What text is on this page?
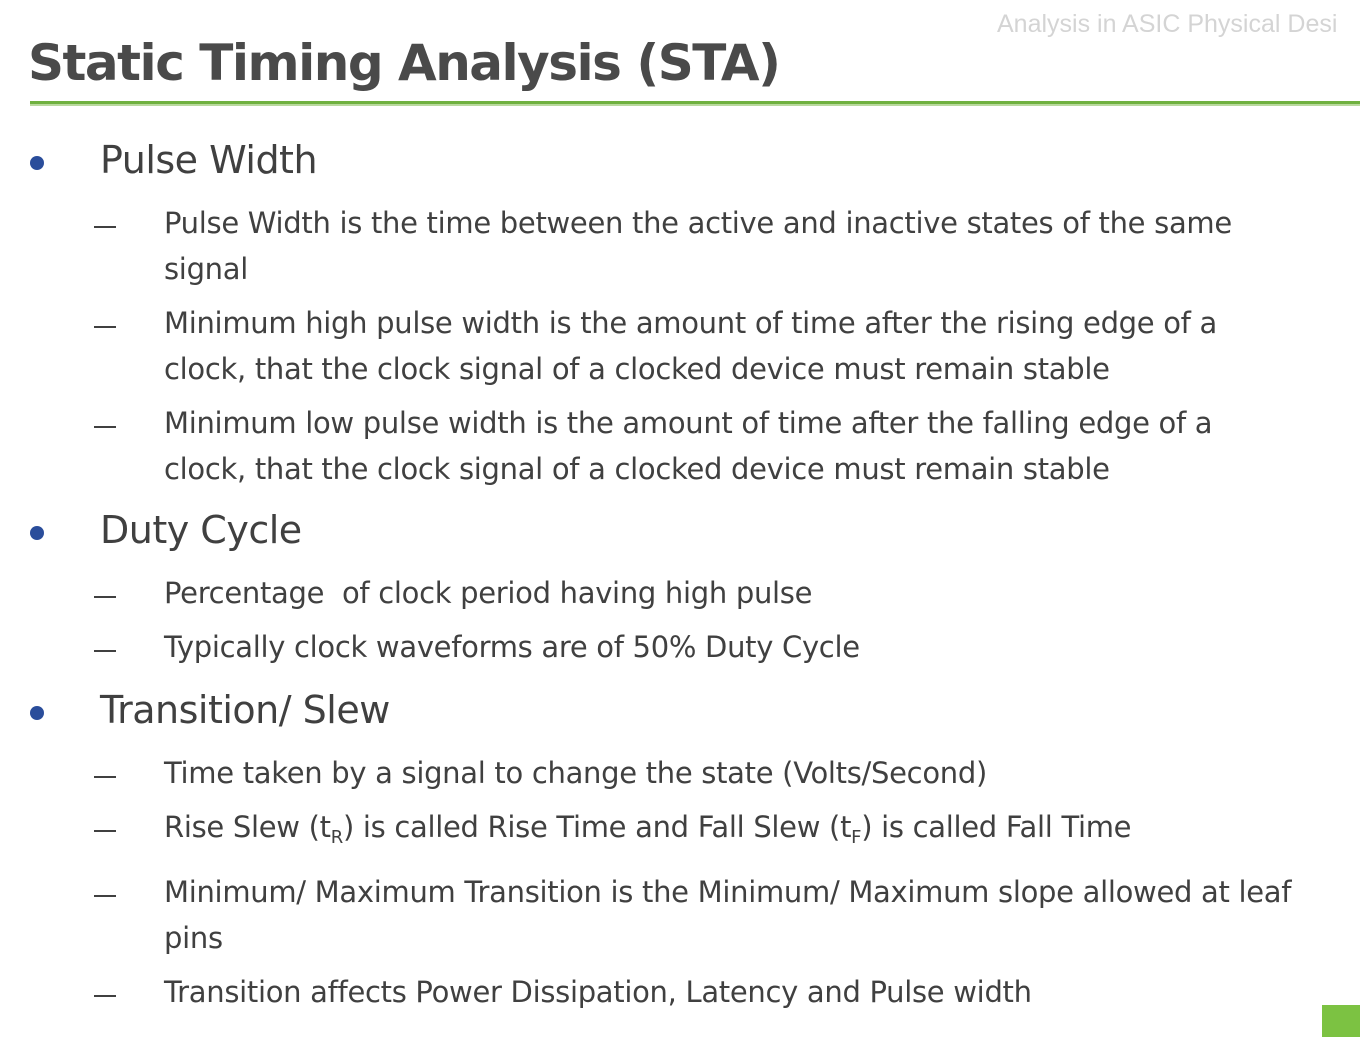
Analysis in ASIC Physical Desi
Static Timing Analysis (STA)
Pulse Width
Pulse Width is the time between the active and inactive states of the same signal
Minimum high pulse width is the amount of time after the rising edge of a clock, that the clock signal of a clocked device must remain stable
Minimum low pulse width is the amount of time after the falling edge of a clock, that the clock signal of a clocked device must remain stable
Duty Cycle
Percentage  of clock period having high pulse
Typically clock waveforms are of 50% Duty Cycle
Transition/ Slew
Time taken by a signal to change the state (Volts/Second)
Rise Slew $(t_R)$ is called Rise Time and Fall Slew $(t_F)$ is called Fall Time
Minimum/ Maximum Transition is the Minimum/ Maximum slope allowed at leaf pins
Transition affects Power Dissipation, Latency and Pulse width
